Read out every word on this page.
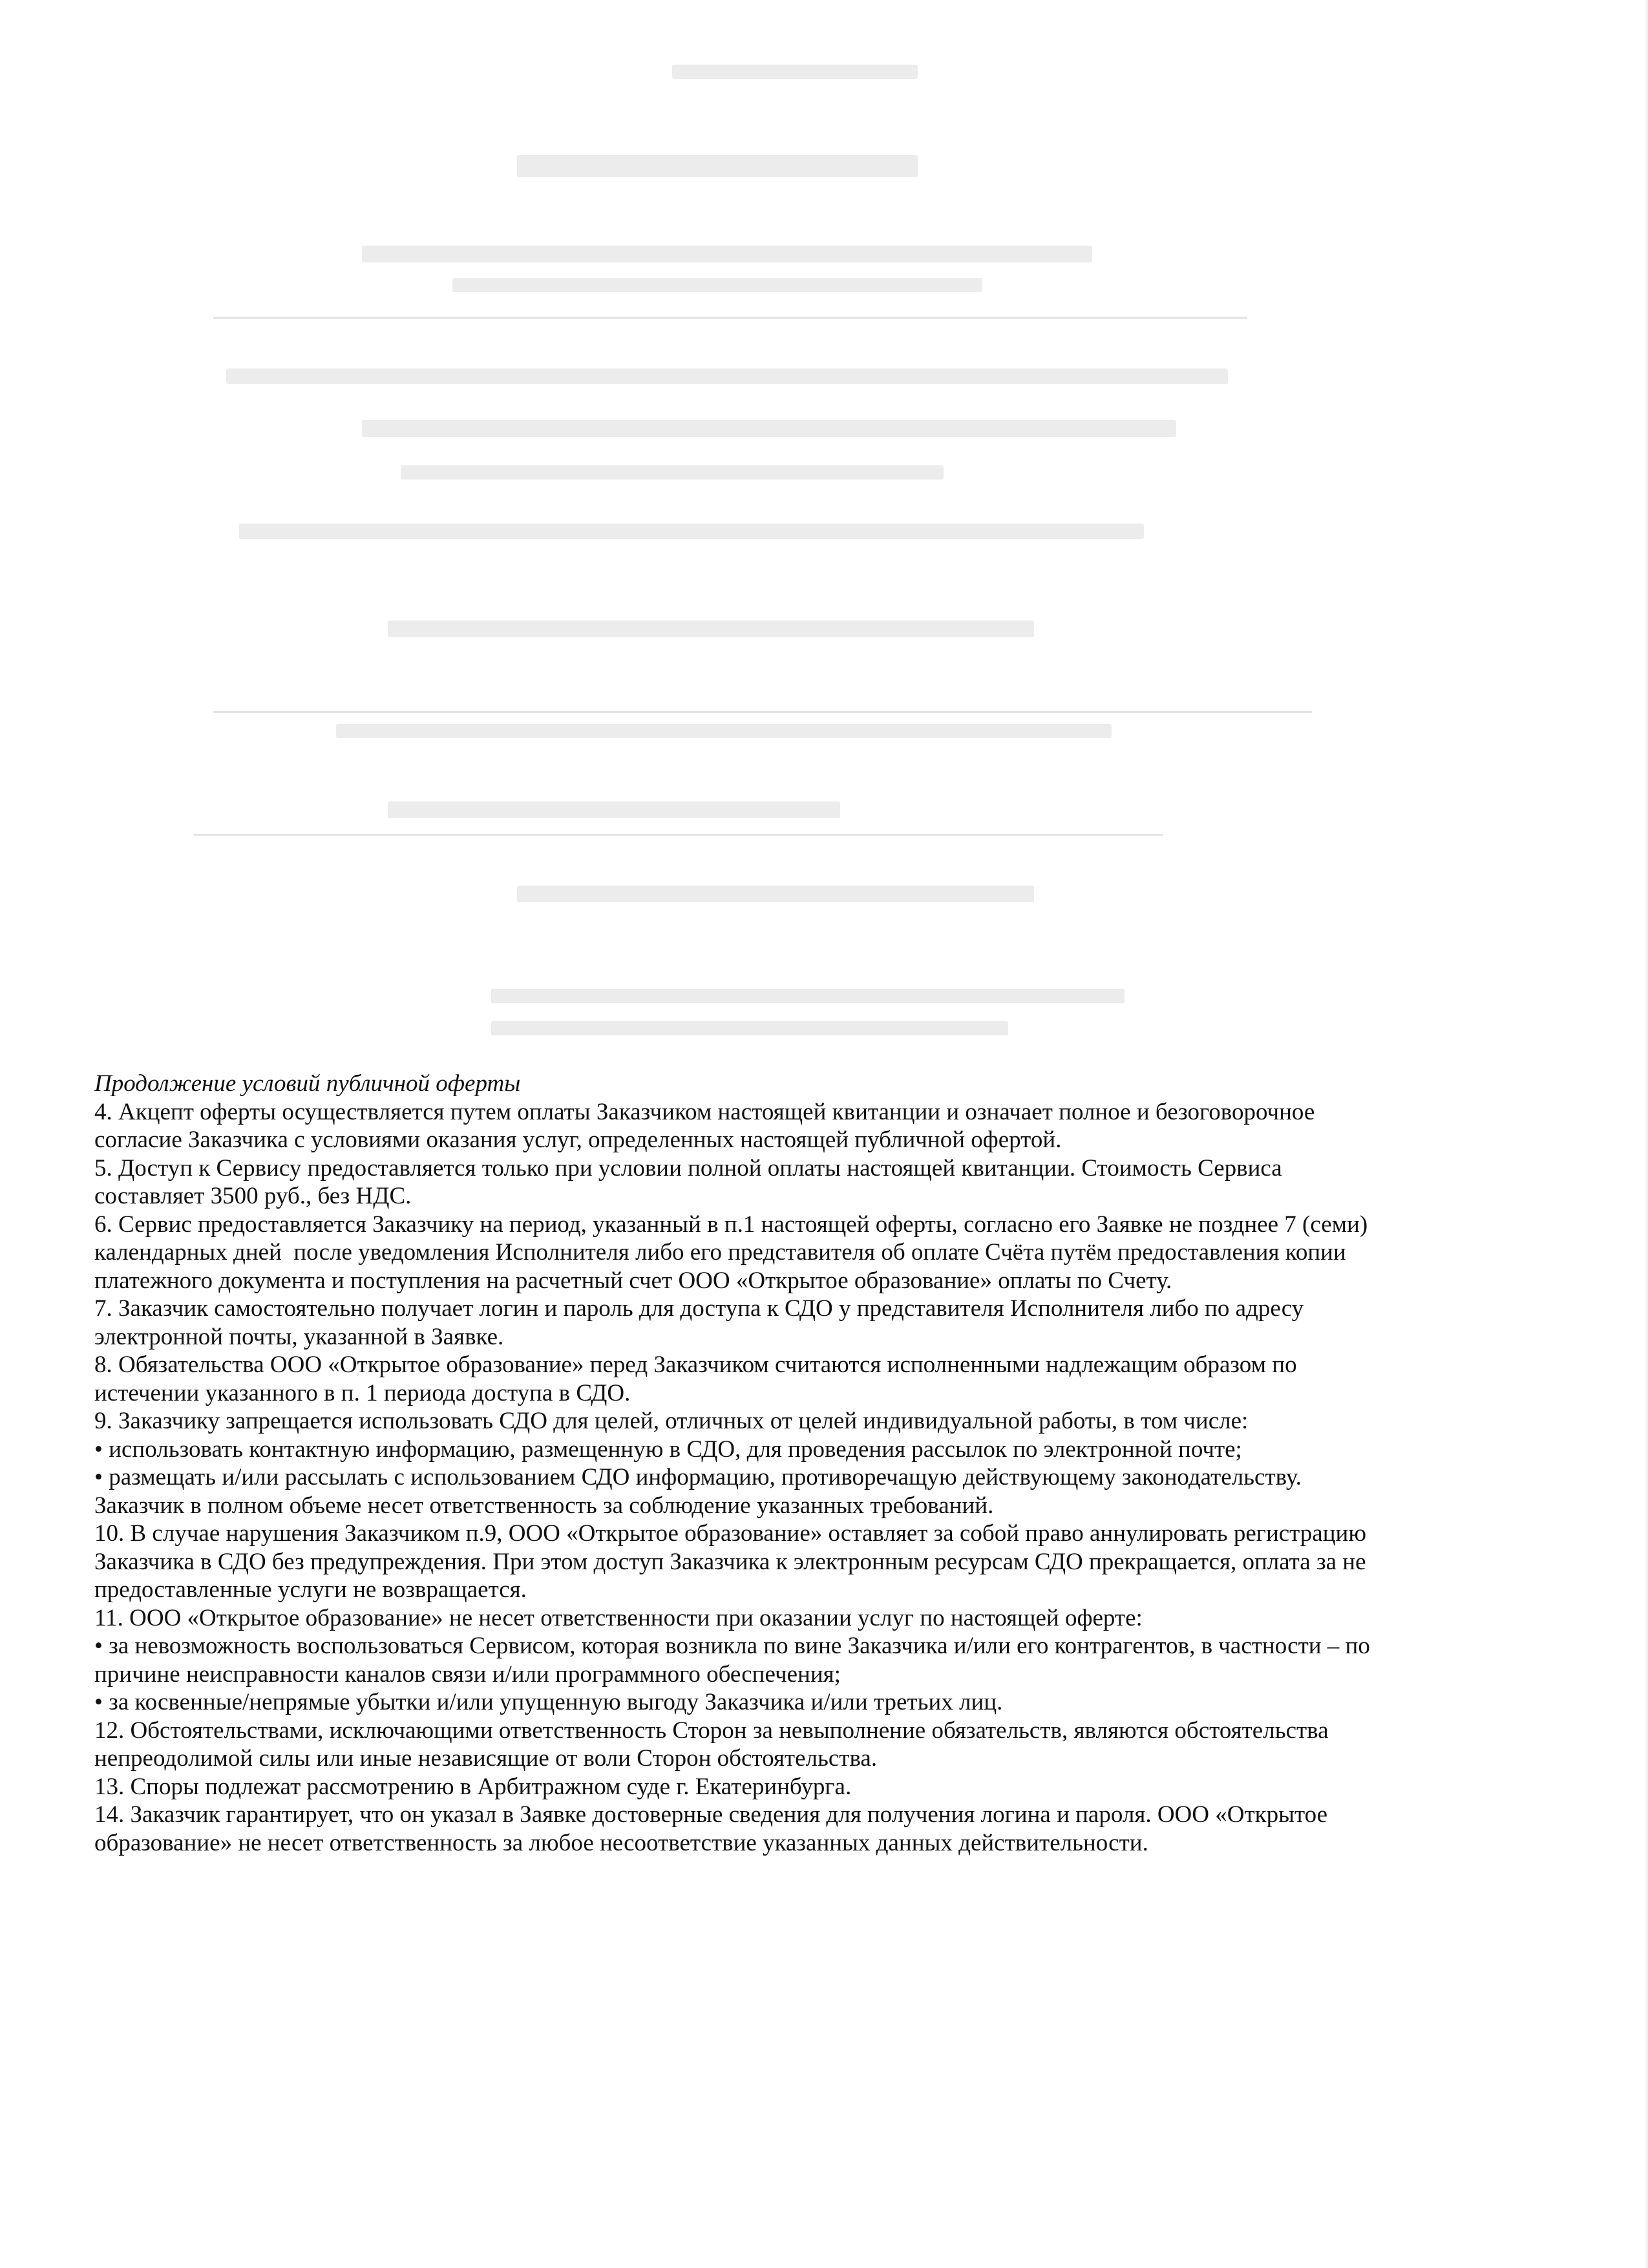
Продолжение условий публичной оферты

4. Акцепт оферты осуществляется путем оплаты Заказчиком настоящей квитанции и означает полное и безоговорочное

согласие Заказчика с условиями оказания услуг, определенных настоящей публичной офертой.

5. Доступ к Сервису предоставляется только при условии полной оплаты настоящей квитанции. Стоимость Сервиса

составляет 3500 руб., без НДС.

6. Сервис предоставляется Заказчику на период, указанный в п.1 настоящей оферты, согласно его Заявке не позднее 7 (семи)

календарных дней  после уведомления Исполнителя либо его представителя об оплате Счёта путём предоставления копии

платежного документа и поступления на расчетный счет ООО «Открытое образование» оплаты по Счету.

7. Заказчик самостоятельно получает логин и пароль для доступа к СДО у представителя Исполнителя либо по адресу

электронной почты, указанной в Заявке.

8. Обязательства ООО «Открытое образование» перед Заказчиком считаются исполненными надлежащим образом по

истечении указанного в п. 1 периода доступа в СДО.

9. Заказчику запрещается использовать СДО для целей, отличных от целей индивидуальной работы, в том числе:

• использовать контактную информацию, размещенную в СДО, для проведения рассылок по электронной почте;

• размещать и/или рассылать с использованием СДО информацию, противоречащую действующему законодательству.

Заказчик в полном объеме несет ответственность за соблюдение указанных требований.

10. В случае нарушения Заказчиком п.9, ООО «Открытое образование» оставляет за собой право аннулировать регистрацию

Заказчика в СДО без предупреждения. При этом доступ Заказчика к электронным ресурсам СДО прекращается, оплата за не

предоставленные услуги не возвращается.

11. ООО «Открытое образование» не несет ответственности при оказании услуг по настоящей оферте:

• за невозможность воспользоваться Сервисом, которая возникла по вине Заказчика и/или его контрагентов, в частности – по

причине неисправности каналов связи и/или программного обеспечения;

• за косвенные/непрямые убытки и/или упущенную выгоду Заказчика и/или третьих лиц.

12. Обстоятельствами, исключающими ответственность Сторон за невыполнение обязательств, являются обстоятельства

непреодолимой силы или иные независящие от воли Сторон обстоятельства.

13. Споры подлежат рассмотрению в Арбитражном суде г. Екатеринбурга.

14. Заказчик гарантирует, что он указал в Заявке достоверные сведения для получения логина и пароля. ООО «Открытое

образование» не несет ответственность за любое несоответствие указанных данных действительности.
